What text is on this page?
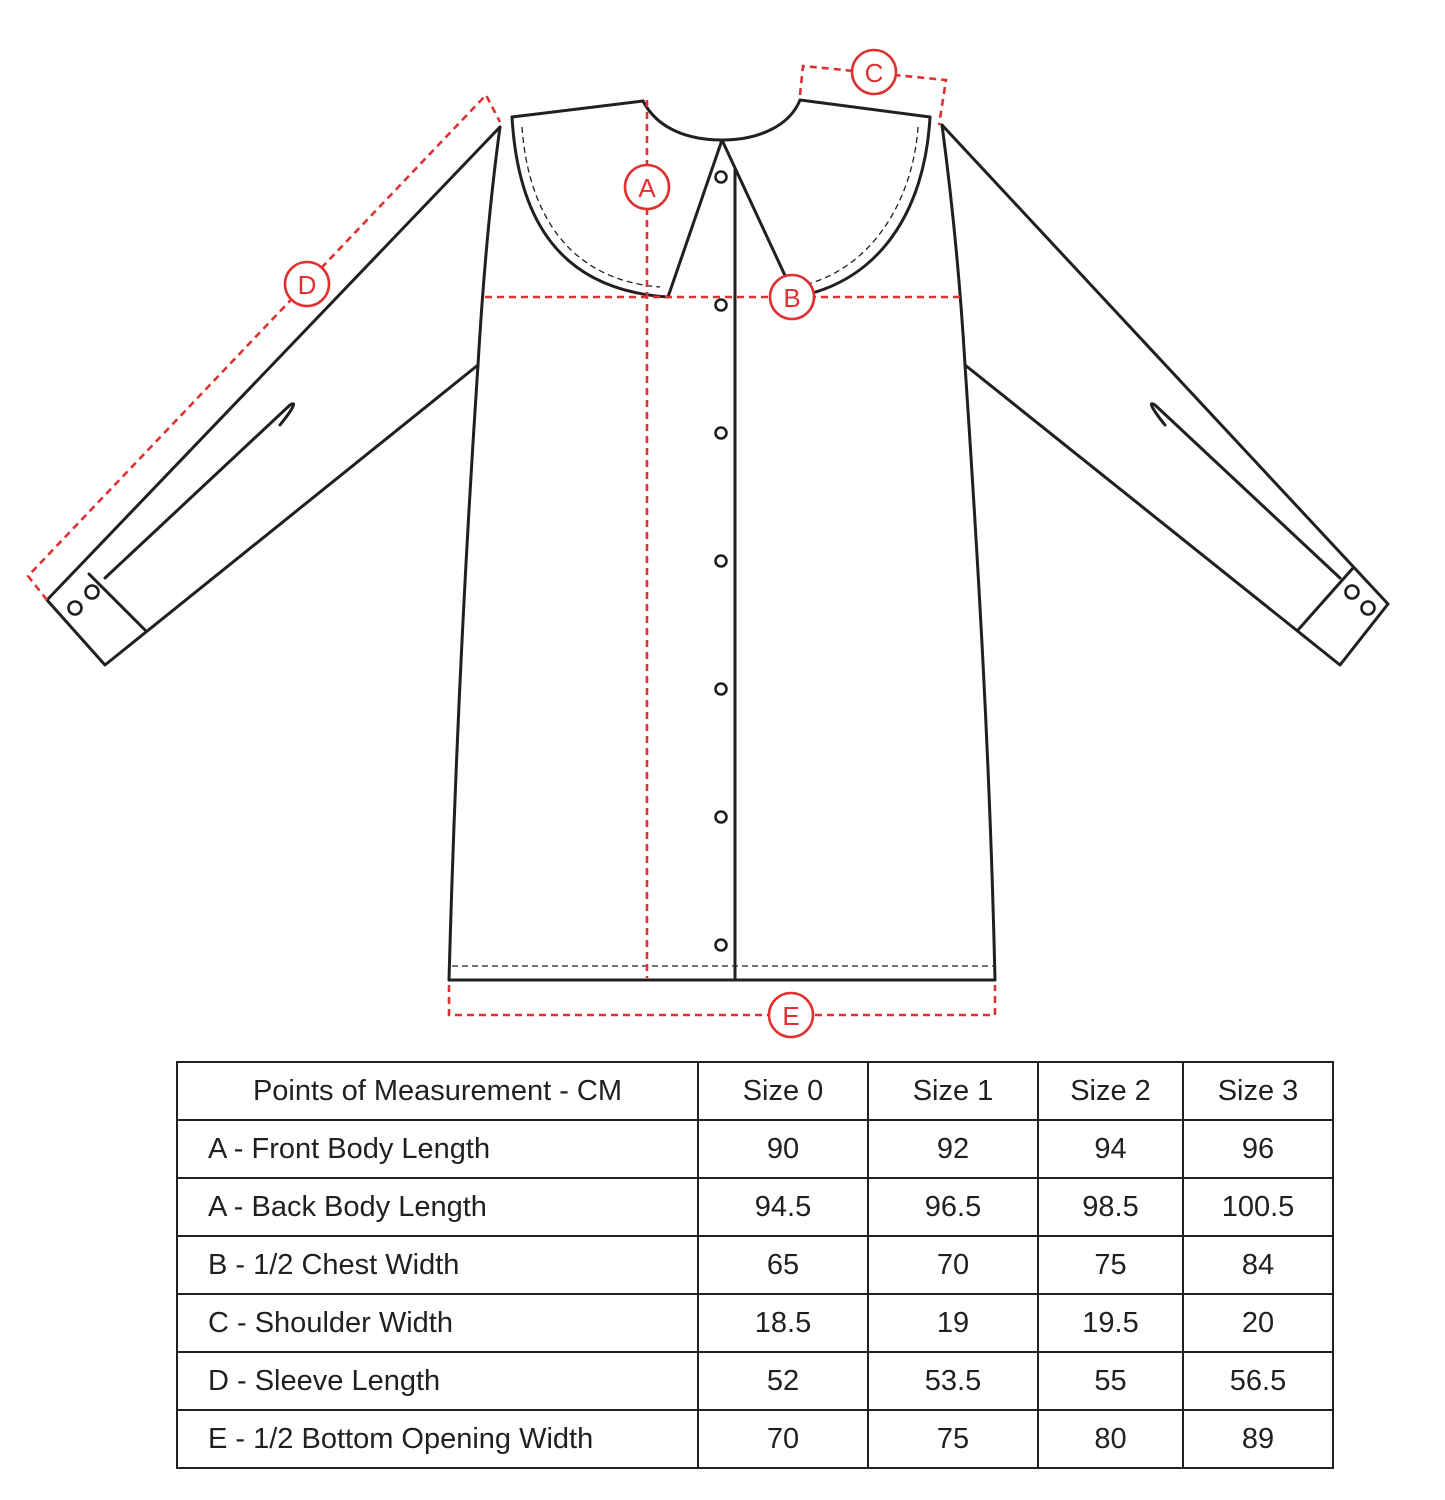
A
B
C
D
E
Points of Measurement - CM	Size 0	Size 1	Size 2	Size 3
A - Front Body Length	90	92	94	96
A - Back Body Length	94.5	96.5	98.5	100.5
B - 1/2 Chest Width	65	70	75	84
C - Shoulder Width	18.5	19	19.5	20
D - Sleeve Length	52	53.5	55	56.5
E - 1/2 Bottom Opening Width	70	75	80	89
